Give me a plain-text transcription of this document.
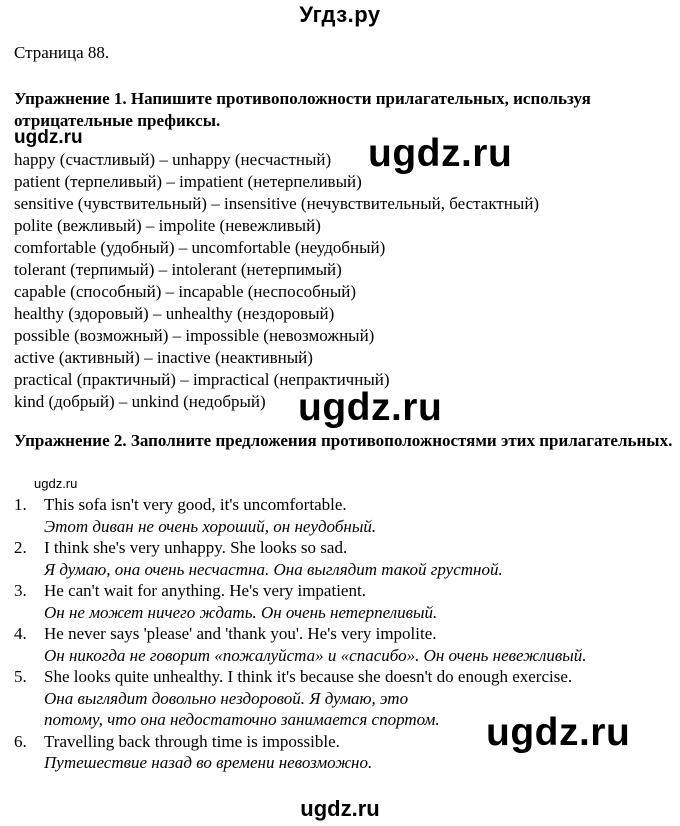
Угдз.ру
Страница 88.
Упражнение 1. Напишите противоположности прилагательных, используя отрицательные префиксы.
ugdz.ru	ugdz.ru
happy (счастливый) – unhappy (несчастный)
patient (терпеливый) – impatient (нетерпеливый)
sensitive (чувствительный) – insensitive (нечувствительный, бестактный)
polite (вежливый) – impolite (невежливый)
comfortable (удобный) – uncomfortable (неудобный)
tolerant (терпимый) – intolerant (нетерпимый)
capable (способный) – incapable (неспособный)
healthy (здоровый) – unhealthy (нездоровый)
possible (возможный) – impossible (невозможный)
active (активный) – inactive (неактивный)
practical (практичный) – impractical (непрактичный)
kind (добрый) – unkind (недобрый) ugdz.ru
Упражнение 2. Заполните предложения противоположностями этих прилагательных.
ugdz.ru
1. This sofa isn't very good, it's uncomfortable.
Этот диван не очень хороший, он неудобный.
2. I think she's very unhappy. She looks so sad.
Я думаю, она очень несчастна. Она выглядит такой грустной.
3. He can't wait for anything. He's very impatient.
Он не может ничего ждать. Он очень нетерпеливый.
4. He never says 'please' and 'thank you'. He's very impolite.
Он никогда не говорит «пожалуйста» и «спасибо». Он очень невежливый.
5. She looks quite unhealthy. I think it's because she doesn't do enough exercise.
Она выглядит довольно нездоровой. Я думаю, это потому, что она недостаточно занимается спортом.
6. Travelling back through time is impossible.
Путешествие назад во времени невозможно.
ugdz.ru
ugdz.ru
